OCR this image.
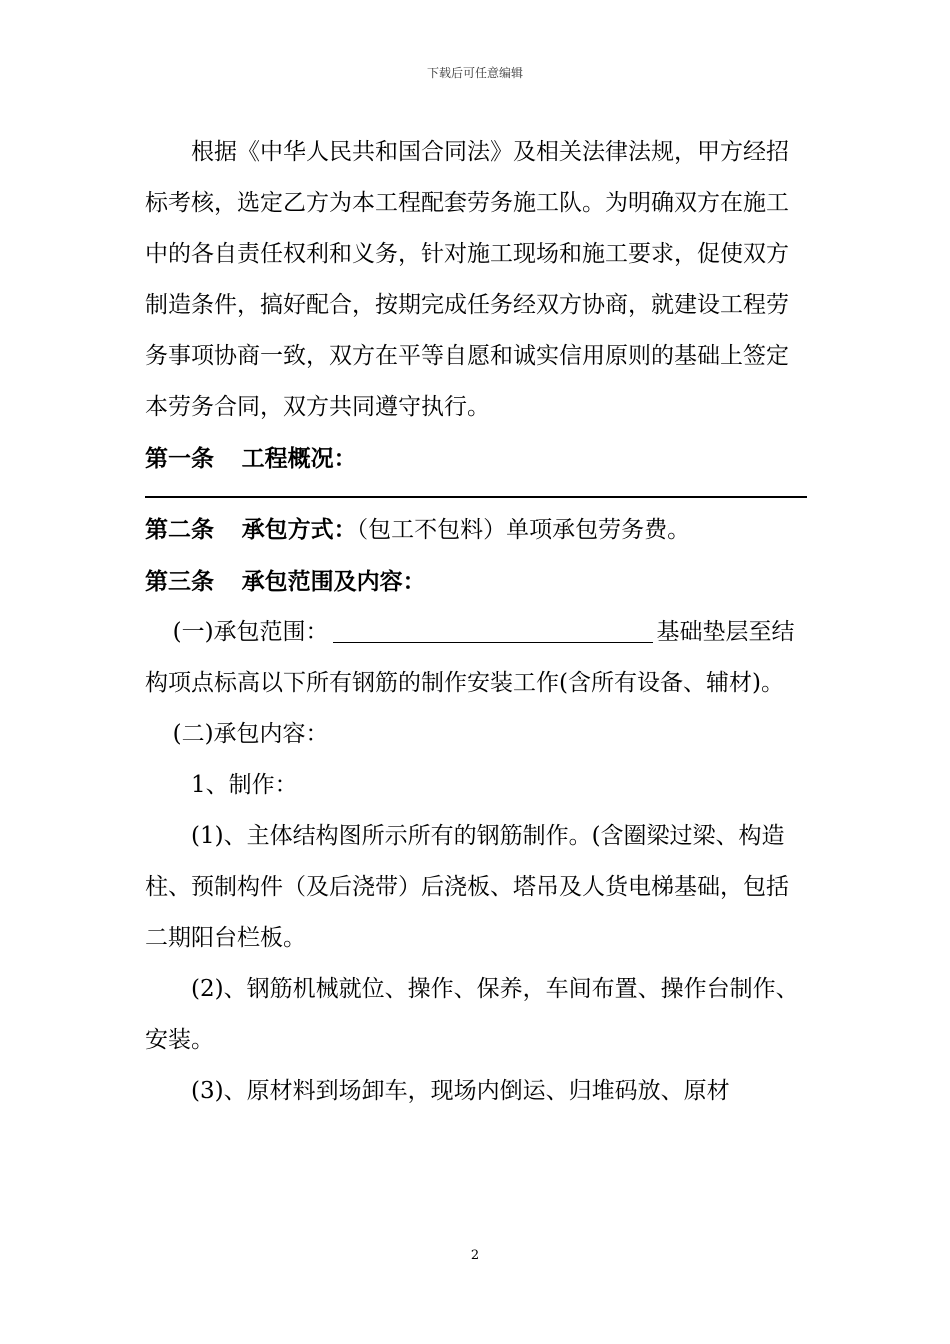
下载后可任意编辑

根据《中华人民共和国合同法》及相关法律法规，甲方经招标考核，选定乙方为本工程配套劳务施工队。为明确双方在施工中的各自责任权利和义务，针对施工现场和施工要求，促使双方制造条件，搞好配合，按期完成任务经双方协商，就建设工程劳务事项协商一致，双方在平等自愿和诚实信用原则的基础上签定本劳务合同，双方共同遵守执行。

第一条 工程概况：

第二条 承包方式：（包工不包料）单项承包劳务费。

第三条 承包范围及内容：

(一)承包范围：	基础垫层至结构项点标高以下所有钢筋的制作安装工作(含所有设备、辅材)。

(二)承包内容：

1、制作：

(1)、主体结构图所示所有的钢筋制作。(含圈梁过梁、构造柱、预制构件（及后浇带）后浇板、塔吊及人货电梯基础，包括二期阳台栏板。

(2)、钢筋机械就位、操作、保养，车间布置、操作台制作、安装。

(3)、原材料到场卸车，现场内倒运、归堆码放、原材

2
